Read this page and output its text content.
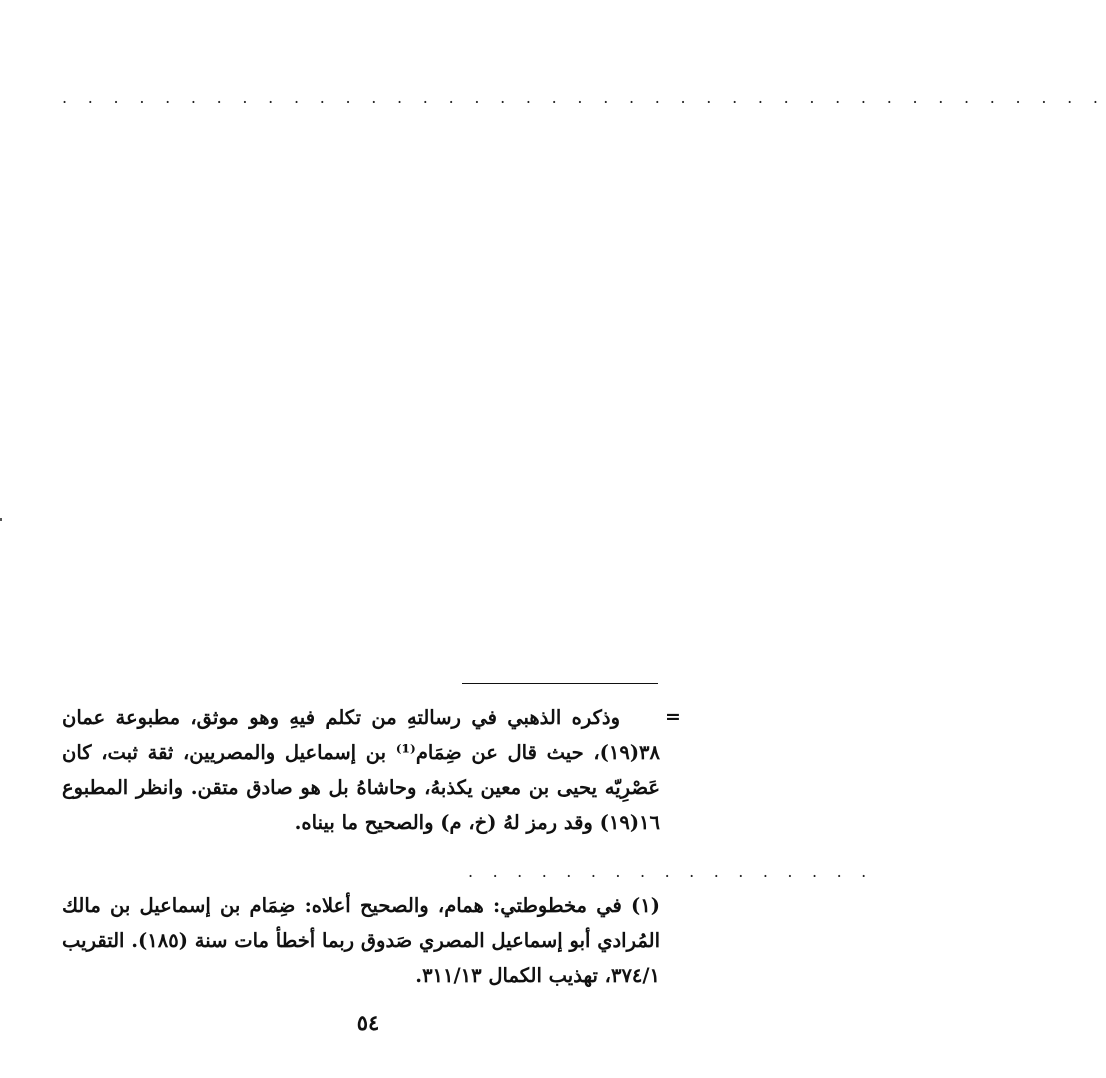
. . . . . . . . . . . . . . . . . . . . . . . . . . . . . . . . . . . . . . . . .
=
وذكره الذهبي في رسالتهِ من تكلم فيهِ وهو موثق، مطبوعة عمان ٣٨(١٩)، حيث قال عن ضِمَام⁽¹⁾ بن إسماعيل والمصريين، ثقة ثبت، كان عَصْرِيّه يحيى بن معين يكذبهُ، وحاشاهُ بل هو صادق متقن. وانظر المطبوع ١٦(١٩) وقد رمز لهُ (خ، م) والصحيح ما بيناه.
. . . . . . . . . . . . . . . . .
(١) في مخطوطتي: همام، والصحيح أعلاه: ضِمَام بن إسماعيل بن مالك المُرادي أبو إسماعيل المصري صَدوق ربما أخطأ مات سنة (١٨٥). التقريب ٣٧٤/١، تهذيب الكمال ٣١١/١٣.
٥٤
